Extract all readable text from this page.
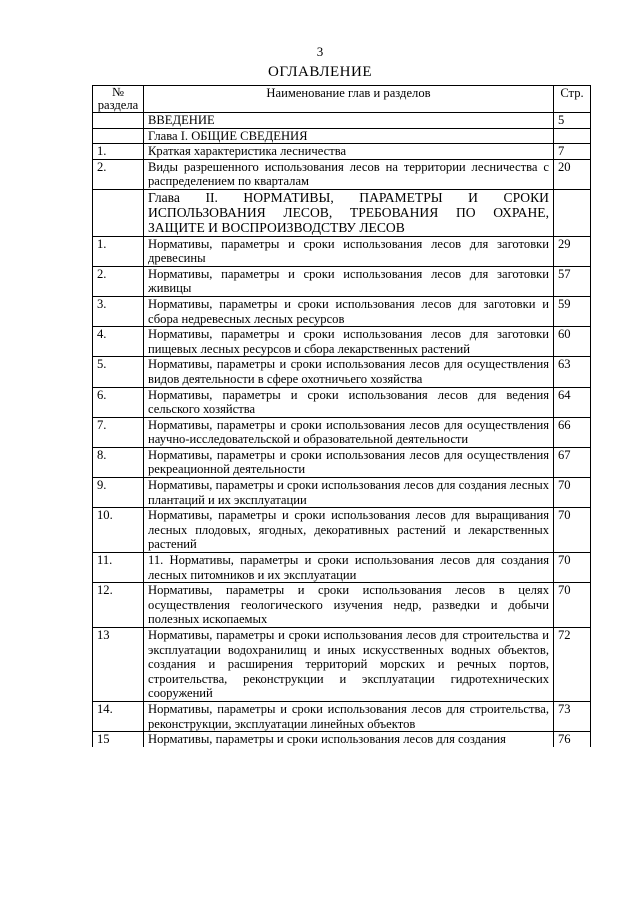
3
ОГЛАВЛЕНИЕ
№ раздела	Наименование глав и разделов	Стр.
	ВВЕДЕНИЕ	5
	Глава I. ОБЩИЕ СВЕДЕНИЯ	
1.	Краткая характеристика лесничества	7
2.	Виды разрешенного использования лесов на территории лесничества с распределением по кварталам	20
	Глава II. НОРМАТИВЫ, ПАРАМЕТРЫ И СРОКИ ИСПОЛЬЗОВАНИЯ ЛЕСОВ, ТРЕБОВАНИЯ ПО ОХРАНЕ, ЗАЩИТЕ И ВОСПРОИЗВОДСТВУ ЛЕСОВ	
1.	Нормативы, параметры и сроки использования лесов для заготовки древесины	29
2.	Нормативы, параметры и сроки использования лесов для заготовки живицы	57
3.	Нормативы, параметры и сроки использования лесов для заготовки и сбора недревесных лесных ресурсов	59
4.	Нормативы, параметры и сроки использования лесов для заготовки пищевых лесных ресурсов и сбора лекарственных растений	60
5.	Нормативы, параметры и сроки использования лесов для осуществления видов деятельности в сфере охотничьего хозяйства	63
6.	Нормативы, параметры и сроки использования лесов для ведения сельского хозяйства	64
7.	Нормативы, параметры и сроки использования лесов для осуществления научно-исследовательской и образовательной деятельности	66
8.	Нормативы, параметры и сроки использования лесов для осуществления рекреационной деятельности	67
9.	Нормативы, параметры и сроки использования лесов для создания лесных плантаций и их эксплуатации	70
10.	Нормативы, параметры и сроки использования лесов для выращивания лесных плодовых, ягодных, декоративных растений и лекарственных растений	70
11.	11. Нормативы, параметры и сроки использования лесов для создания лесных питомников и их эксплуатации	70
12.	Нормативы, параметры и сроки использования лесов в целях осуществления геологического изучения недр, разведки и добычи полезных ископаемых	70
13	Нормативы, параметры и сроки использования лесов для строительства и эксплуатации водохранилищ и иных искусственных водных объектов, создания и расширения территорий морских и речных портов, строительства, реконструкции и эксплуатации гидротехнических сооружений	72
14.	Нормативы, параметры и сроки использования лесов для строительства, реконструкции, эксплуатации линейных объектов	73
15	Нормативы, параметры и сроки использования лесов для создания	76
